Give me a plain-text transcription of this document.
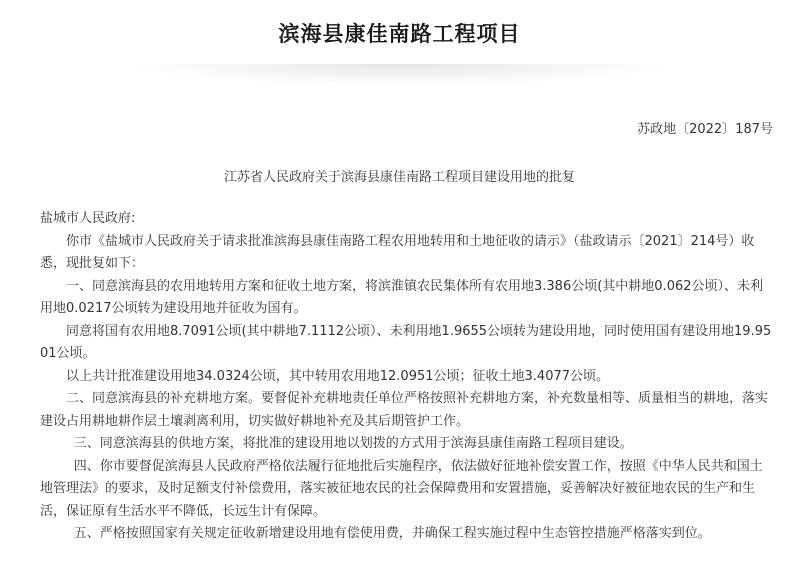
滨海县康佳南路工程项目
苏政地〔2022〕187号
江苏省人民政府关于滨海县康佳南路工程项目建设用地的批复

盐城市人民政府:

你市《盐城市人民政府关于请求批准滨海县康佳南路工程农用地转用和土地征收的请示》（盐政请示〔2021〕214号）收悉，现批复如下：

一、同意滨海县的农用地转用方案和征收土地方案，将滨淮镇农民集体所有农用地3.386公顷(其中耕地0.062公顷）、未利用地0.0217公顷转为建设用地并征收为国有。

同意将国有农用地8.7091公顷(其中耕地7.1112公顷）、未利用地1.9655公顷转为建设用地，同时使用国有建设用地19.9501公顷。

以上共计批准建设用地34.0324公顷，其中转用农用地12.0951公顷；征收土地3.4077公顷。

二、同意滨海县的补充耕地方案。要督促补充耕地责任单位严格按照补充耕地方案，补充数量相等、质量相当的耕地，落实建设占用耕地耕作层土壤剥离利用，切实做好耕地补充及其后期管护工作。

三、同意滨海县的供地方案，将批准的建设用地以划拨的方式用于滨海县康佳南路工程项目建设。

四、你市要督促滨海县人民政府严格依法履行征地批后实施程序，依法做好征地补偿安置工作，按照《中华人民共和国土地管理法》的要求，及时足额支付补偿费用，落实被征地农民的社会保障费用和安置措施，妥善解决好被征地农民的生产和生活，保证原有生活水平不降低，长远生计有保障。

五、严格按照国家有关规定征收新增建设用地有偿使用费，并确保工程实施过程中生态管控措施严格落实到位。
